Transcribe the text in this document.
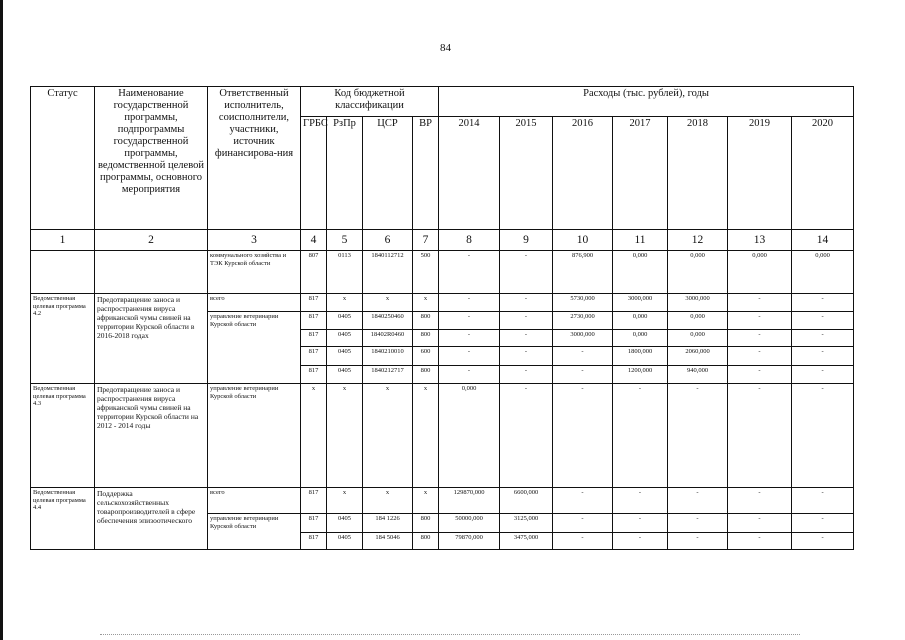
84
Статус	Наименование государственной программы, подпрограммы государственной программы, ведомственной целевой программы, основного мероприятия	Ответственный исполнитель, соисполнители, участники, источник финансирова-ния	Код бюджетной классификации				Расходы (тыс. рублей), годы						
			ГРБС	РзПр	ЦСР	ВР	2014	2015	2016	2017	2018	2019	2020
1	2	3	4	5	6	7	8	9	10	11	12	13	14
		коммунального хозяйства и ТЭК Курской области	807	0113	1840112712	500	-	-	876,900	0,000	0,000	0,000	0,000
Ведомственная целевая программа 4.2	Предотвращение заноса и распространения вируса африканской чумы свиней на территории Курской области в 2016-2018 годах	всего	817	x	x	x	-	-	5730,000	3000,000	3000,000	-	-
		управление ветеринарии Курской области	817	0405	1840250460	800	-	-	2730,000	0,000	0,000	-	-
			817	0405	18402R0460	800	-	-	3000,000	0,000	0,000	-	-
			817	0405	1840210010	600	-	-	-	1800,000	2060,000	-	-
			817	0405	1840212717	800	-	-	-	1200,000	940,000	-	-
Ведомственная целевая программа 4.3	Предотвращение заноса и распространения вируса африканской чумы свиней на территории Курской области на 2012 - 2014 годы	управление ветеринарии Курской области	x	x	x	x	0,000	-	-	-	-	-	-
Ведомственная целевая программа 4.4	Поддержка сельскохозяйственных товаропроизводителей в сфере обеспечения эпизоотического	всего	817	x	x	x	129870,000	6600,000	-	-	-	-	-
		управление ветеринарии Курской области	817	0405	184 1226	800	50000,000	3125,000	-	-	-	-	-
			817	0405	184 5046	800	79870,000	3475,000	-	-	-	-	-
